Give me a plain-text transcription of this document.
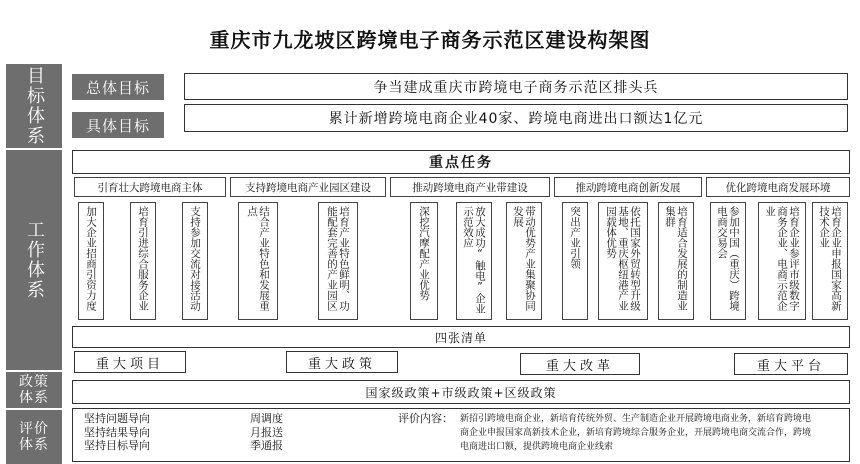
重庆市九龙坡区跨境电子商务示范区建设构架图
目标体系
工作体系
政策体系
评价体系
总体目标	争当建成重庆市跨境电子商务示范区排头兵
具体目标	累计新增跨境电商企业40家、跨境电商进出口额达1亿元
重点任务
引育壮大跨境电商主体	支持跨境电商产业园区建设	推动跨境电商产业带建设	推动跨境电商创新发展	优化跨境电商发展环境
加大企业招商引资力度	培育引进综合服务企业	支持参加交流对接活动	结合产业特色和发展重点	培育产业特色鲜明、功能配套完善的产业园区	深挖汽摩配产业优势	放大成功“触电”企业示范效应	带动优势产业集聚协同发展	突出产业引领	依托国家外贸转型升级基地、重庆枢纽港产业园载体优势	培育适合发展的制造业集群	参加中国（重庆）跨境电商交易会	培育企业参评市级数字商务企业、电商示范企业	培育企业申报国家高新技术企业
四张清单
重大项目	重大政策	重大改革	重大平台
国家级政策+市级政策+区级政策
坚持问题导向
坚持结果导向
坚持目标导向
周调度
月报送
季通报
评价内容： 新招引跨境电商企业，新培育传统外贸、生产制造企业开展跨境电商业务，新培育跨境电
商企业申报国家高新技术企业，新培育跨境综合服务企业，开展跨境电商交流合作，跨境
电商进出口额，提供跨境电商企业线索
